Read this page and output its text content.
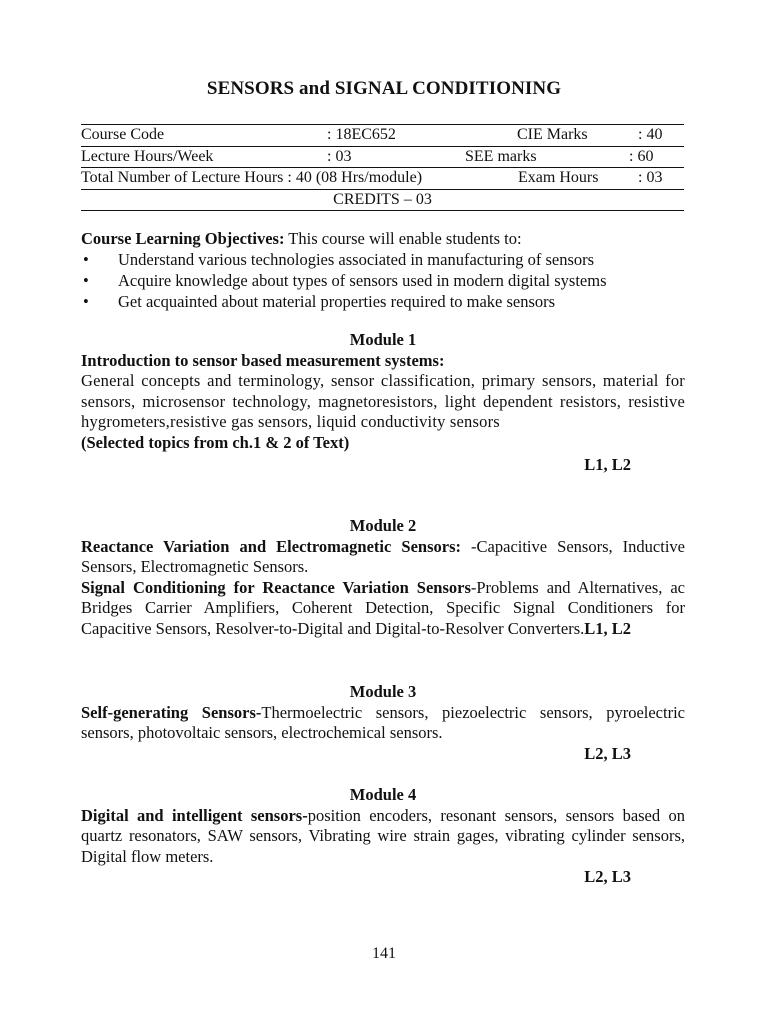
SENSORS and SIGNAL CONDITIONING
Course Code	: 18EC652	CIE Marks	: 40
Lecture Hours/Week	: 03	SEE marks	: 60
Total Number of Lecture Hours : 40 (08 Hrs/module)	Exam Hours : 03
CREDITS – 03
Course Learning Objectives: This course will enable students to:
• Understand various technologies associated in manufacturing of sensors
• Acquire knowledge about types of sensors used in modern digital systems
• Get acquainted about material properties required to make sensors
Module 1
Introduction to sensor based measurement systems:
General concepts and terminology, sensor classification, primary sensors, material for sensors, microsensor technology, magnetoresistors, light dependent resistors, resistive hygrometers,resistive gas sensors, liquid conductivity sensors
(Selected topics from ch.1 & 2 of Text)
L1, L2
Module 2
Reactance Variation and Electromagnetic Sensors: -Capacitive Sensors, Inductive Sensors, Electromagnetic Sensors.
Signal Conditioning for Reactance Variation Sensors-Problems and Alternatives, ac Bridges Carrier Amplifiers, Coherent Detection, Specific Signal Conditioners for Capacitive Sensors, Resolver-to-Digital and Digital-to-Resolver Converters. L1, L2
Module 3
Self-generating Sensors-Thermoelectric sensors, piezoelectric sensors, pyroelectric sensors, photovoltaic sensors, electrochemical sensors.
L2, L3
Module 4
Digital and intelligent sensors-position encoders, resonant sensors, sensors based on quartz resonators, SAW sensors, Vibrating wire strain gages, vibrating cylinder sensors, Digital flow meters.
L2, L3
141
